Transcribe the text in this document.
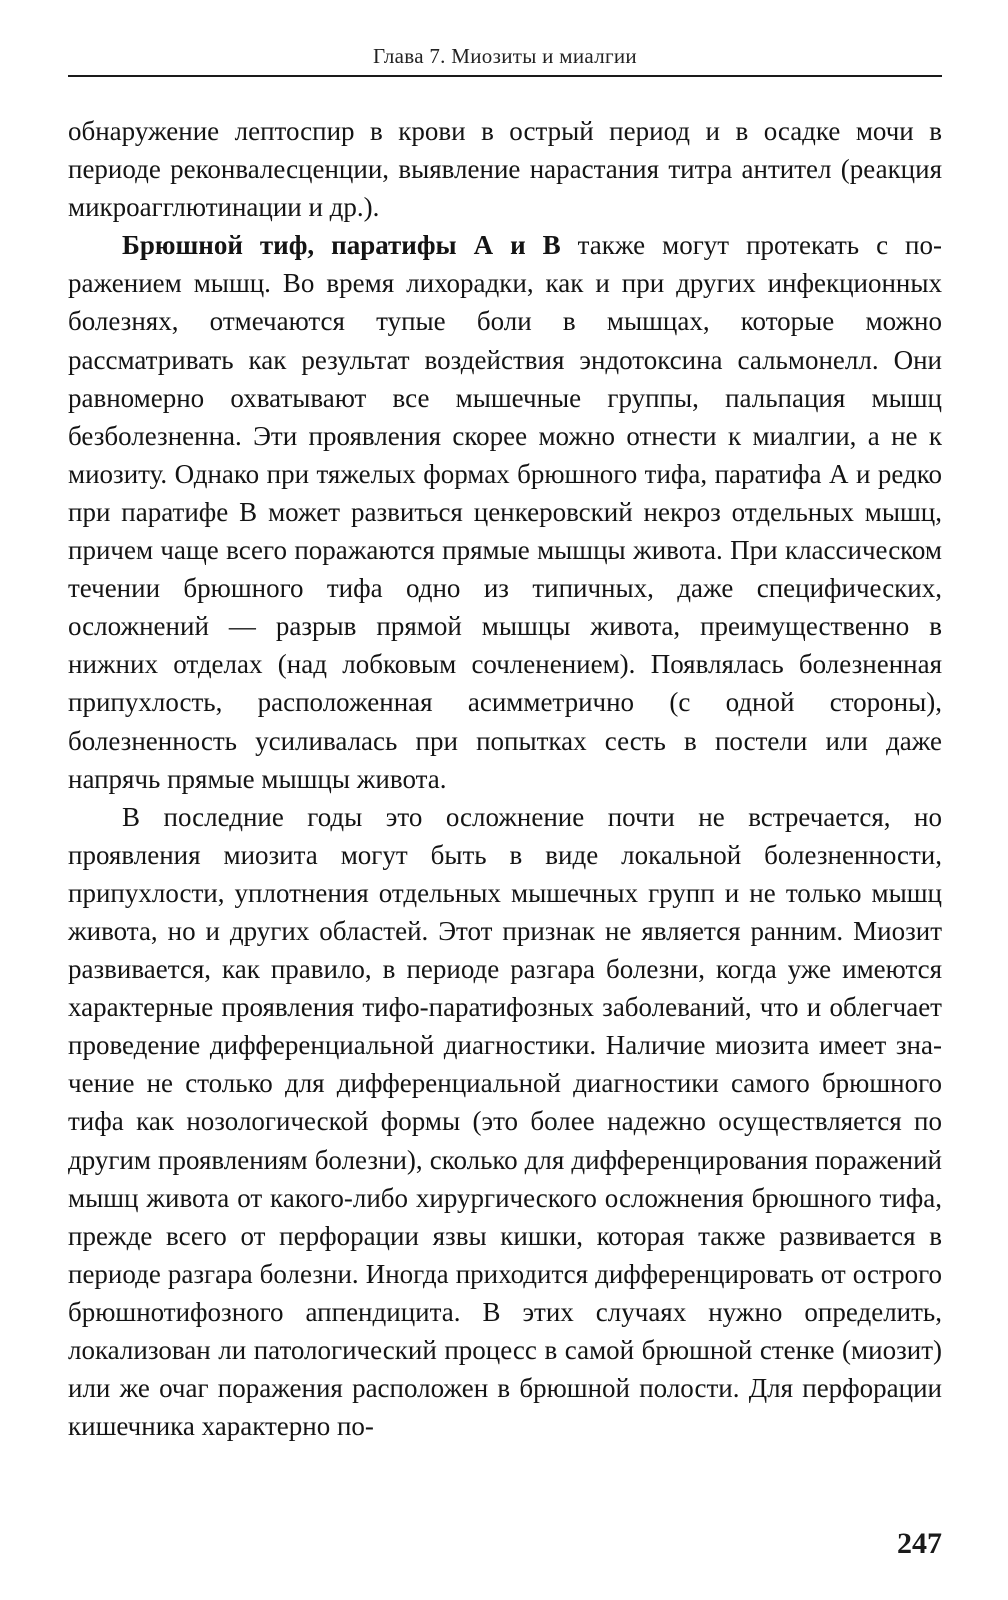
Глава 7. Миозиты и миалгии

обнаружение лептоспир в крови в острый период и в осадке мочи в периоде реконвалесценции, выявление нарастания титра антител (реакция микроагглютинации и др.).

Брюшной тиф, паратифы А и В также могут протекать с поражением мышц. Во время лихорадки, как и при других инфекционных болезнях, отмечаются тупые боли в мышцах, которые можно рассматривать как результат воздействия эндотоксина сальмонелл. Они равномерно охватывают все мышечные группы, пальпация мышц безболезненна. Эти проявления скорее можно отнести к миалгии, а не к миозиту. Однако при тяжелых формах брюшного тифа, паратифа А и редко при паратифе В может развиться ценкеровский некроз отдельных мышц, причем чаще всего поражаются прямые мышцы живота. При классическом течении брюшного тифа одно из типичных, даже специфических, осложнений — разрыв прямой мышцы живота, преимущественно в нижних отделах (над лобковым сочленением). Появлялась болезненная припухлость, расположенная асимметрично (с одной стороны), болезненность усиливалась при попытках сесть в постели или даже напрячь прямые мышцы живота.

В последние годы это осложнение почти не встречается, но проявления миозита могут быть в виде локальной болезненности, припухлости, уплотнения отдельных мышечных групп и не только мышц живота, но и других областей. Этот признак не является ранним. Миозит развивается, как правило, в периоде разгара болезни, когда уже имеются характерные проявления тифо-паратифозных заболеваний, что и облегчает проведение дифференциальной диагностики. Наличие миозита имеет значение не столько для дифференциальной диагностики самого брюшного тифа как нозологической формы (это более надежно осуществляется по другим проявлениям болезни), сколько для дифференцирования поражений мышц живота от какого-либо хирургического осложнения брюшного тифа, прежде всего от перфорации язвы кишки, которая также развивается в периоде разгара болезни. Иногда приходится дифференцировать от острого брюшнотифозного аппендицита. В этих случаях нужно определить, локализован ли патологический процесс в самой брюшной стенке (миозит) или же очаг поражения расположен в брюшной полости. Для перфорации кишечника характерно по-

247
